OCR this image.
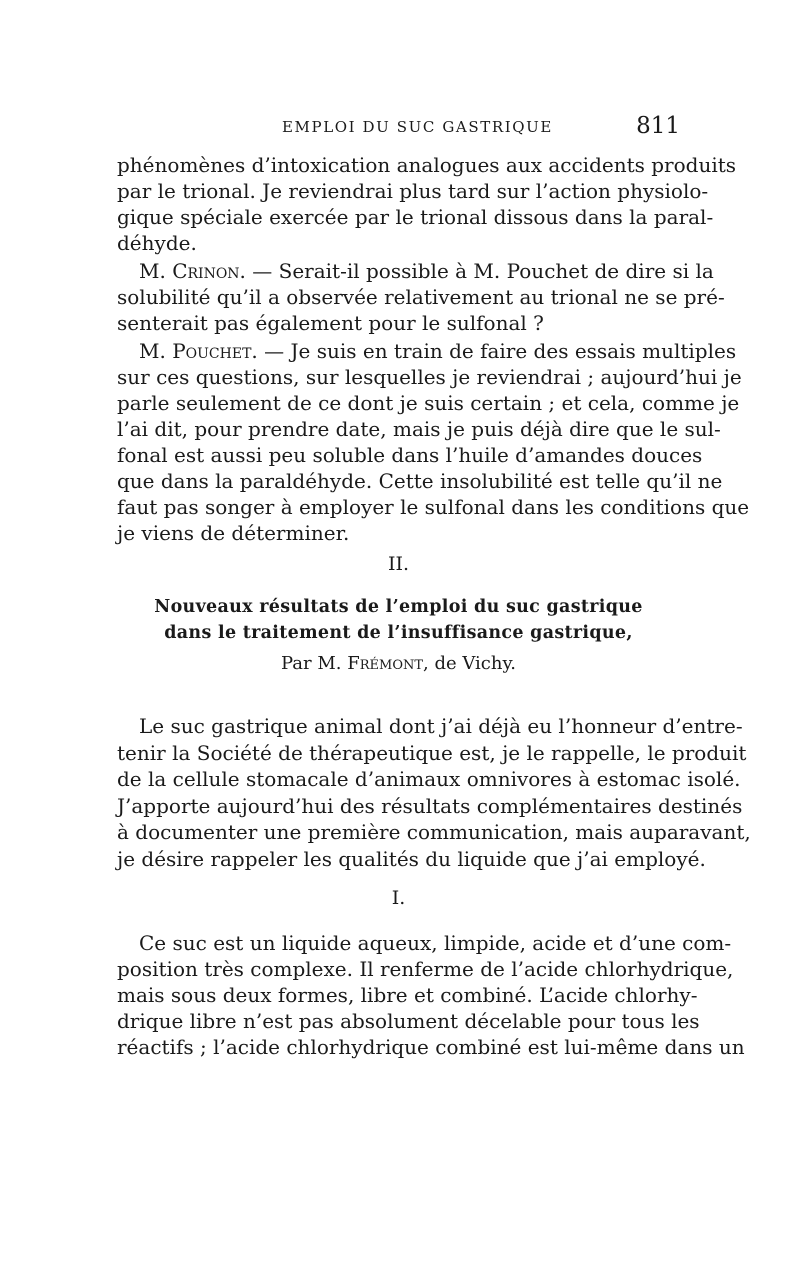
EMPLOI DU SUC GASTRIQUE	811
phénomènes d’intoxication analogues aux accidents produits
par le trional. Je reviendrai plus tard sur l’action physiolo-
gique spéciale exercée par le trional dissous dans la paral-
déhyde.
M. Crinon. — Serait-il possible à M. Pouchet de dire si la
solubilité qu’il a observée relativement au trional ne se pré-
senterait pas également pour le sulfonal ?
M. Pouchet. — Je suis en train de faire des essais multiples
sur ces questions, sur lesquelles je reviendrai ; aujourd’hui je
parle seulement de ce dont je suis certain ; et cela, comme je
l’ai dit, pour prendre date, mais je puis déjà dire que le sul-
fonal est aussi peu soluble dans l’huile d’amandes douces
que dans la paraldéhyde. Cette insolubilité est telle qu’il ne
faut pas songer à employer le sulfonal dans les conditions que
je viens de déterminer.
II.
Nouveaux résultats de l’emploi du suc gastrique
dans le traitement de l’insuffisance gastrique,
Par M. Frémont, de Vichy.
Le suc gastrique animal dont j’ai déjà eu l’honneur d’entre-
tenir la Société de thérapeutique est, je le rappelle, le produit
de la cellule stomacale d’animaux omnivores à estomac isolé.
J’apporte aujourd’hui des résultats complémentaires destinés
à documenter une première communication, mais auparavant,
je désire rappeler les qualités du liquide que j’ai employé.
I.
Ce suc est un liquide aqueux, limpide, acide et d’une com-
position très complexe. Il renferme de l’acide chlorhydrique,
mais sous deux formes, libre et combiné. L’acide chlorhy-
drique libre n’est pas absolument décelable pour tous les
réactifs ; l’acide chlorhydrique combiné est lui-même dans un
